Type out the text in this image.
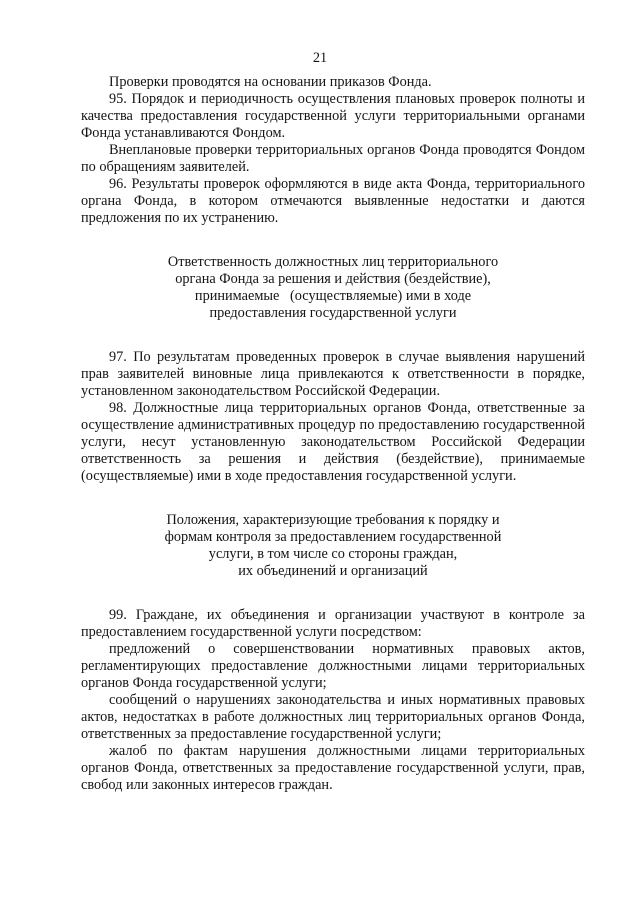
21

Проверки проводятся на основании приказов Фонда.

95. Порядок и периодичность осуществления плановых проверок полноты и качества предоставления государственной услуги территориальными органами Фонда устанавливаются Фондом.

Внеплановые проверки территориальных органов Фонда проводятся Фондом по обращениям заявителей.

96. Результаты проверок оформляются в виде акта Фонда, территориального органа Фонда, в котором отмечаются выявленные недостатки и даются предложения по их устранению.

Ответственность должностных лиц территориального
органа Фонда за решения и действия (бездействие),
принимаемые   (осуществляемые) ими в ходе
предоставления государственной услуги

97. По результатам проведенных проверок в случае выявления нарушений прав заявителей виновные лица привлекаются к ответственности в порядке, установленном законодательством Российской Федерации.

98. Должностные лица территориальных органов Фонда, ответственные за осуществление административных процедур по предоставлению государственной услуги, несут установленную законодательством Российской Федерации ответственность за решения и действия (бездействие), принимаемые (осуществляемые) ими в ходе предоставления государственной услуги.

Положения, характеризующие требования к порядку и
формам контроля за предоставлением государственной
услуги, в том числе со стороны граждан,
их объединений и организаций

99. Граждане, их объединения и организации участвуют в контроле за предоставлением государственной услуги посредством:

предложений о совершенствовании нормативных правовых актов, регламентирующих предоставление должностными лицами территориальных органов Фонда государственной услуги;

сообщений о нарушениях законодательства и иных нормативных правовых актов, недостатках в работе должностных лиц территориальных органов Фонда, ответственных за предоставление государственной услуги;

жалоб по фактам нарушения должностными лицами территориальных органов Фонда, ответственных за предоставление государственной услуги, прав, свобод или законных интересов граждан.
